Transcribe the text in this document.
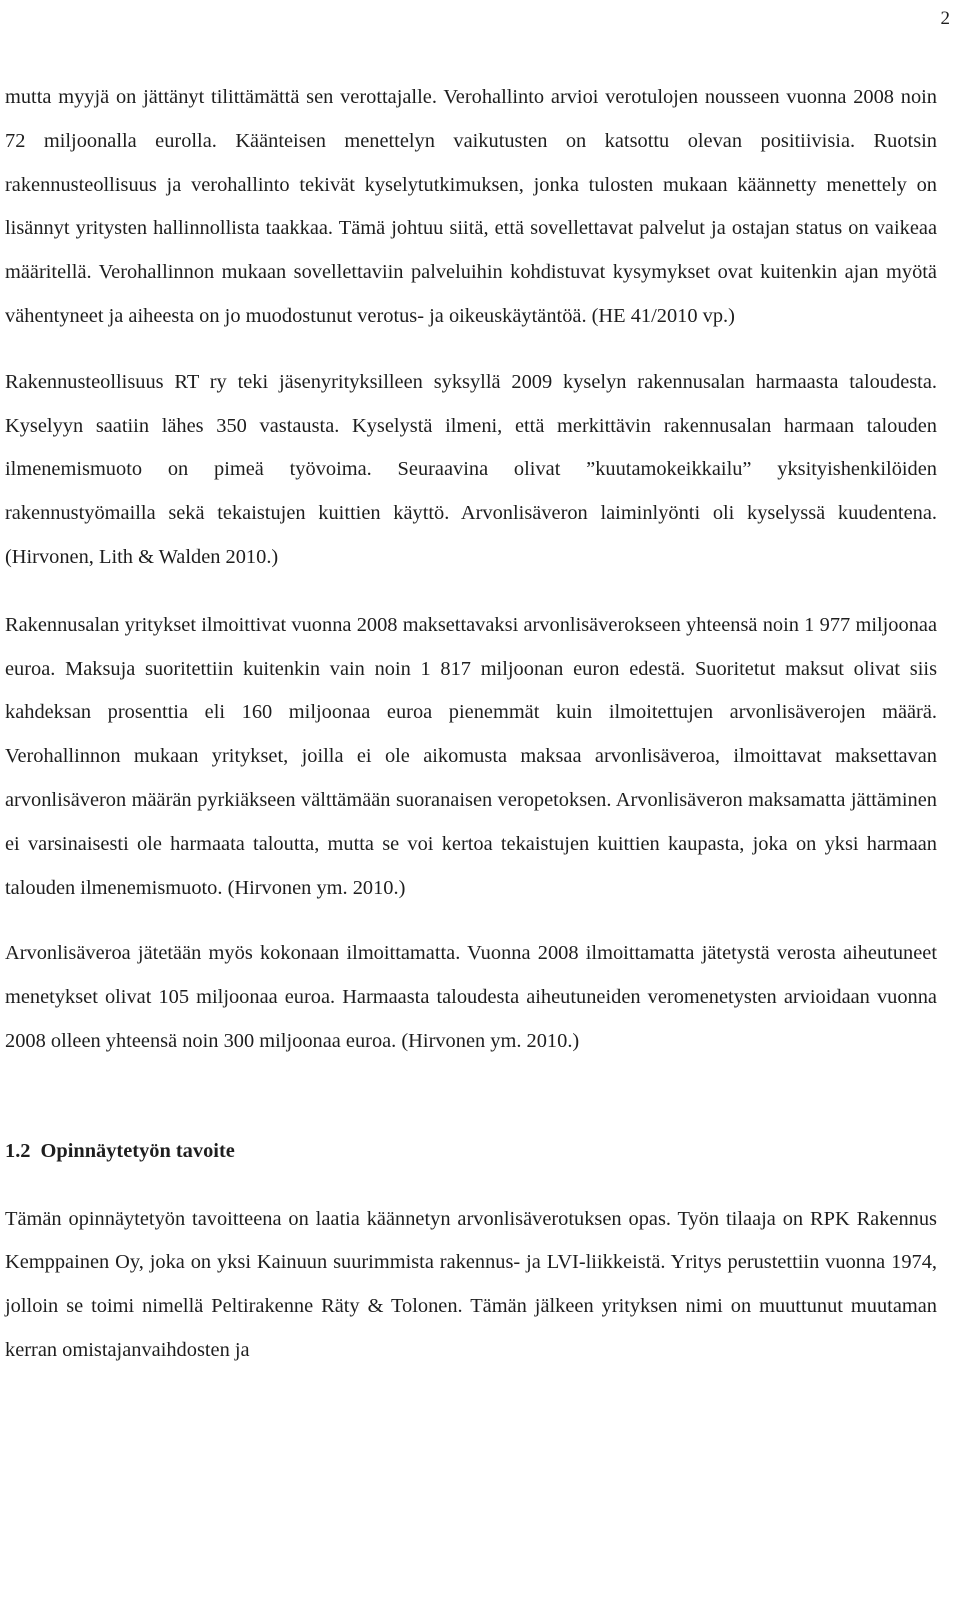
2

mutta myyjä on jättänyt tilittämättä sen verottajalle. Verohallinto arvioi verotulojen nousseen vuonna 2008 noin 72 miljoonalla eurolla. Käänteisen menettelyn vaikutusten on katsottu olevan positiivisia. Ruotsin rakennusteollisuus ja verohallinto tekivät kyselytutkimuksen, jonka tulosten mukaan käännetty menettely on lisännyt yritysten hallinnollista taakkaa. Tämä johtuu siitä, että sovellettavat palvelut ja ostajan status on vaikeaa määritellä. Verohallinnon mukaan sovellettaviin palveluihin kohdistuvat kysymykset ovat kuitenkin ajan myötä vähentyneet ja aiheesta on jo muodostunut verotus- ja oikeuskäytäntöä. (HE 41/2010 vp.)

Rakennusteollisuus RT ry teki jäsenyrityksilleen syksyllä 2009 kyselyn rakennusalan harmaasta taloudesta. Kyselyyn saatiin lähes 350 vastausta. Kyselystä ilmeni, että merkittävin rakennusalan harmaan talouden ilmenemismuoto on pimeä työvoima. Seuraavina olivat ”kuutamokeikkailu” yksityishenkilöiden rakennustyömailla sekä tekaistujen kuittien käyttö. Arvonlisäveron laiminlyönti oli kyselyssä kuudentena. (Hirvonen, Lith & Walden 2010.)

Rakennusalan yritykset ilmoittivat vuonna 2008 maksettavaksi arvonlisäverokseen yhteensä noin 1 977 miljoonaa euroa. Maksuja suoritettiin kuitenkin vain noin 1 817 miljoonan euron edestä. Suoritetut maksut olivat siis kahdeksan prosenttia eli 160 miljoonaa euroa pienemmät kuin ilmoitettujen arvonlisäverojen määrä. Verohallinnon mukaan yritykset, joilla ei ole aikomusta maksaa arvonlisäveroa, ilmoittavat maksettavan arvonlisäveron määrän pyrkiäkseen välttämään suoranaisen veropetoksen. Arvonlisäveron maksamatta jättäminen ei varsinaisesti ole harmaata taloutta, mutta se voi kertoa tekaistujen kuittien kaupasta, joka on yksi harmaan talouden ilmenemismuoto. (Hirvonen ym. 2010.)

Arvonlisäveroa jätetään myös kokonaan ilmoittamatta. Vuonna 2008 ilmoittamatta jätetystä verosta aiheutuneet menetykset olivat 105 miljoonaa euroa. Harmaasta taloudesta aiheutuneiden veromenetysten arvioidaan vuonna 2008 olleen yhteensä noin 300 miljoonaa euroa. (Hirvonen ym. 2010.)

1.2 Opinnäytetyön tavoite

Tämän opinnäytetyön tavoitteena on laatia käännetyn arvonlisäverotuksen opas. Työn tilaaja on RPK Rakennus Kemppainen Oy, joka on yksi Kainuun suurimmista rakennus- ja LVI-liikkeistä. Yritys perustettiin vuonna 1974, jolloin se toimi nimellä Peltirakenne Räty & Tolonen. Tämän jälkeen yrityksen nimi on muuttunut muutaman kerran omistajanvaihdosten ja
